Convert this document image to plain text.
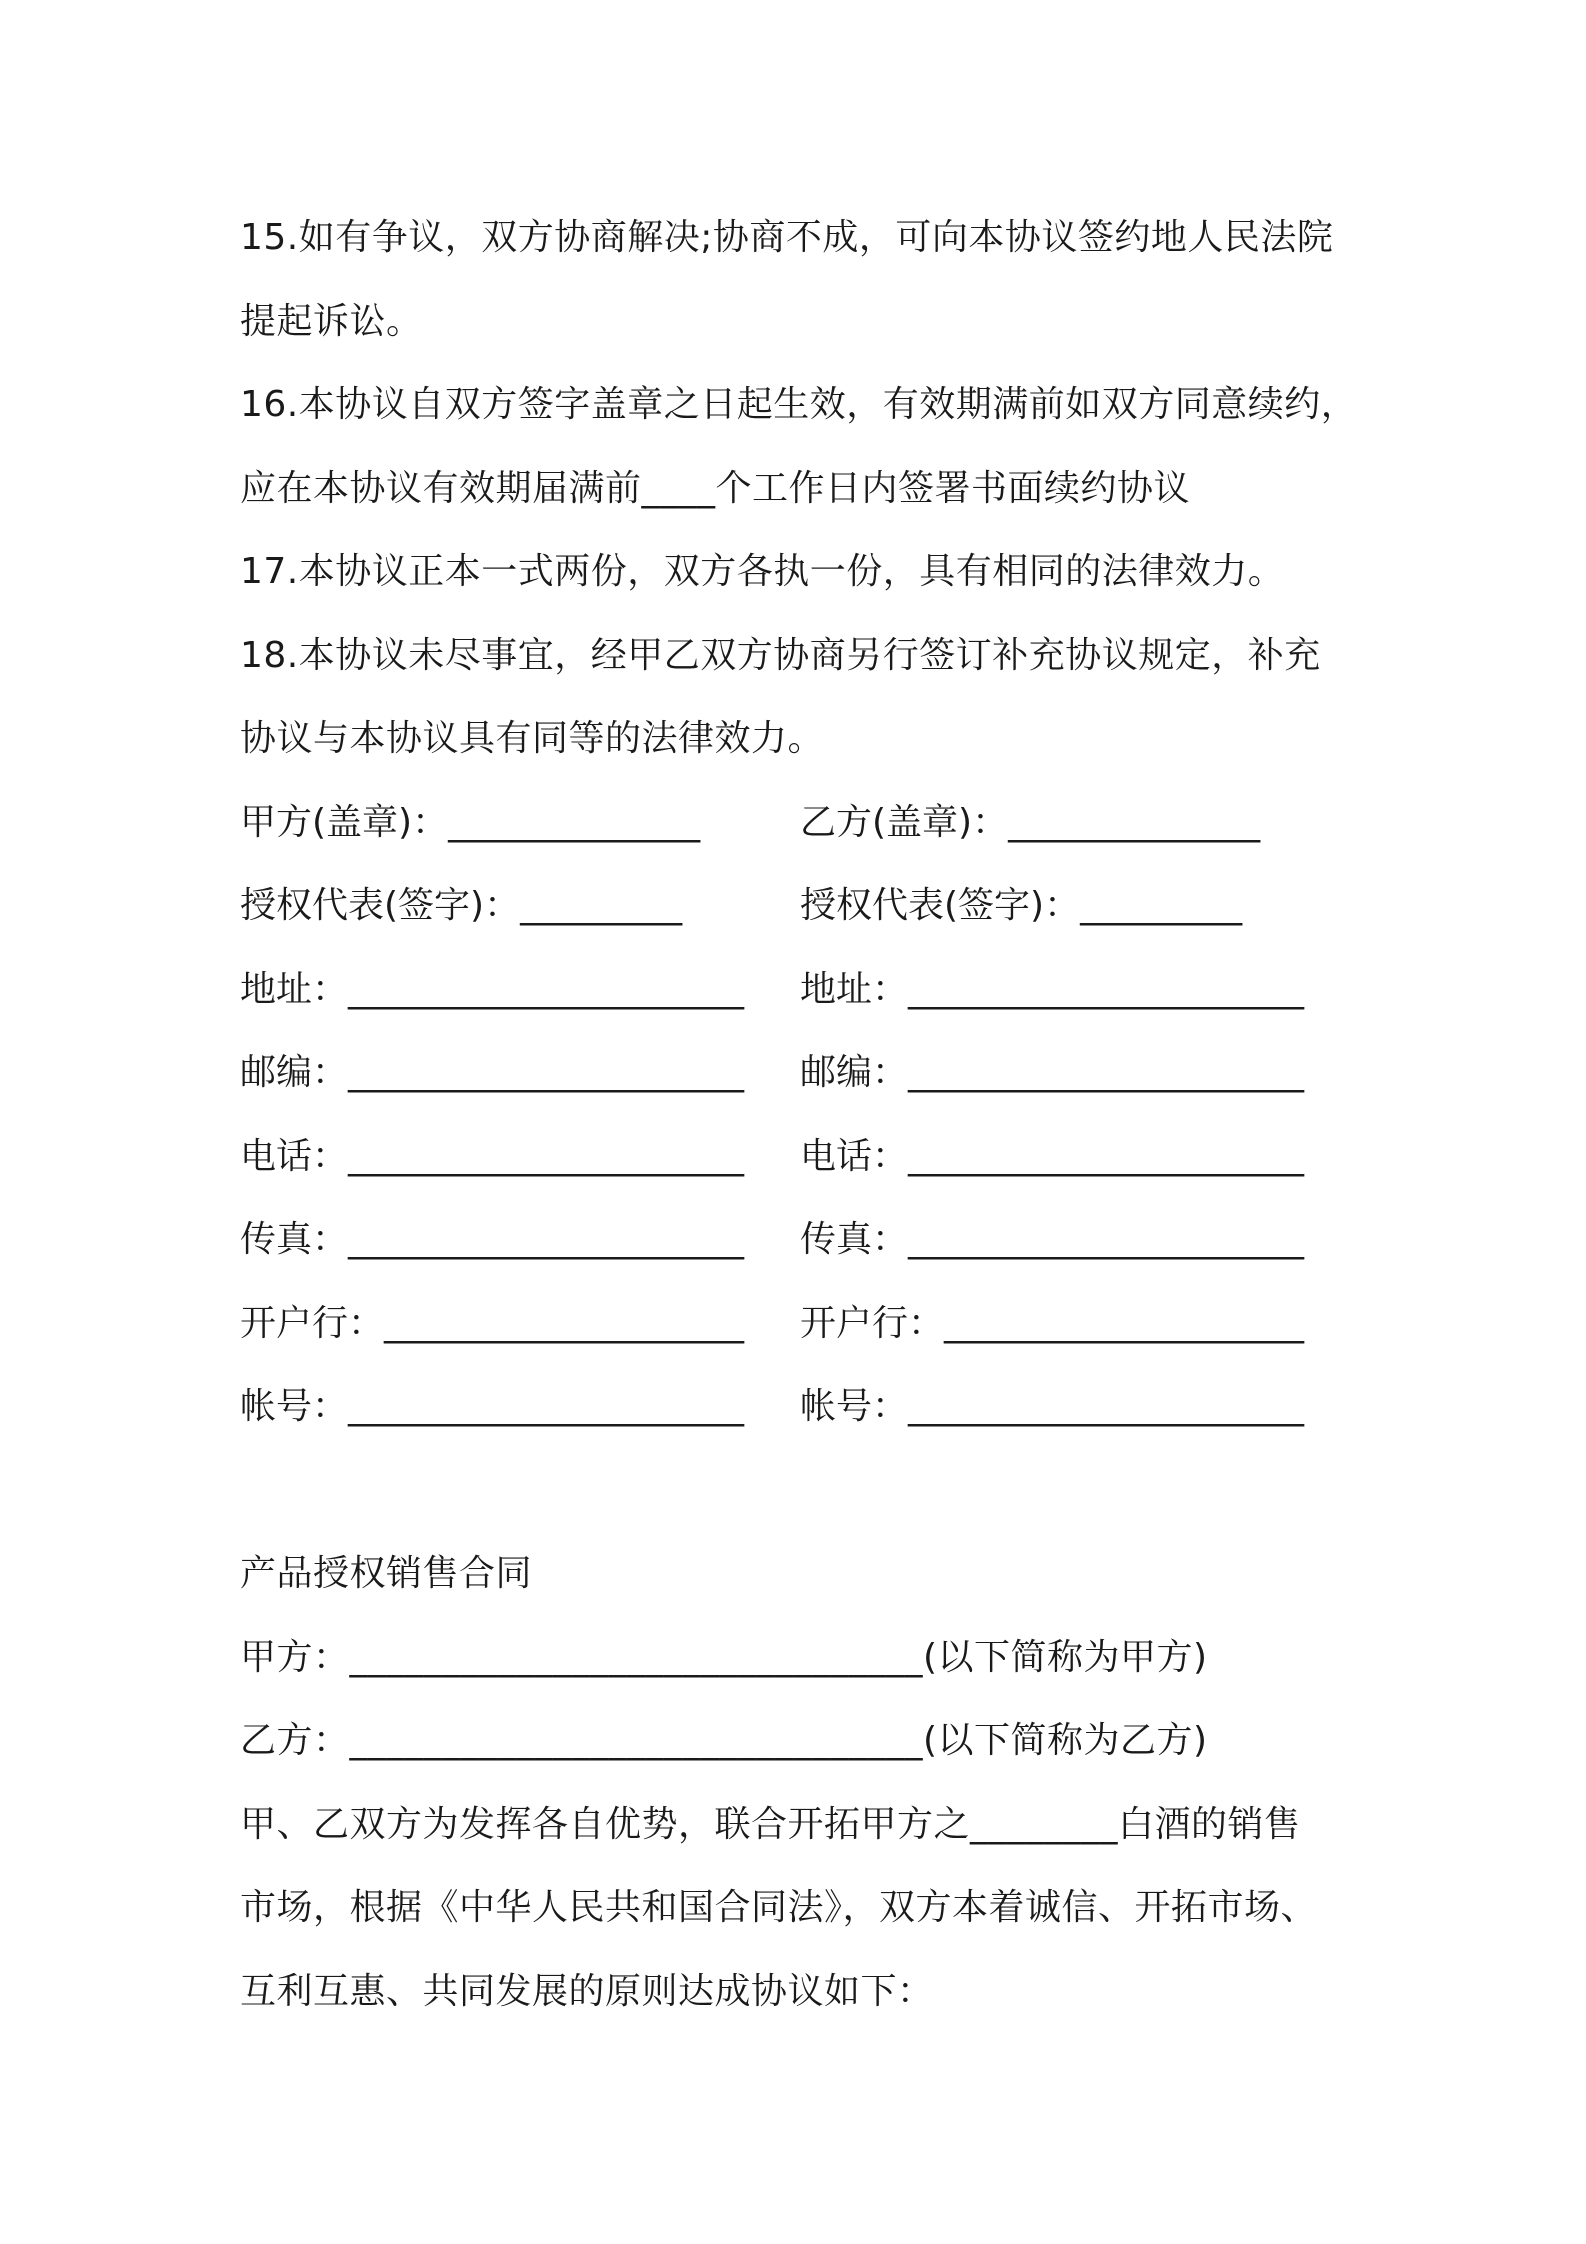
15.如有争议，双方协商解决;协商不成，可向本协议签约地人民法院
提起诉讼。
16.本协议自双方签字盖章之日起生效，有效期满前如双方同意续约，
应在本协议有效期届满前____个工作日内签署书面续约协议
17.本协议正本一式两份，双方各执一份，具有相同的法律效力。
18.本协议未尽事宜，经甲乙双方协商另行签订补充协议规定，补充
协议与本协议具有同等的法律效力。
甲方(盖章)：______________	乙方(盖章)：______________
授权代表(签字)：_________	授权代表(签字)：_________
地址：______________________	地址：______________________
邮编：______________________	邮编：______________________
电话：______________________	电话：______________________
传真：______________________	传真：______________________
开户行：____________________	开户行：____________________
帐号：______________________	帐号：______________________
产品授权销售合同
甲方：_______________________________(以下简称为甲方)
乙方：_______________________________(以下简称为乙方)
甲、乙双方为发挥各自优势，联合开拓甲方之________白酒的销售
市场，根据《中华人民共和国合同法》，双方本着诚信、开拓市场、
互利互惠、共同发展的原则达成协议如下：
